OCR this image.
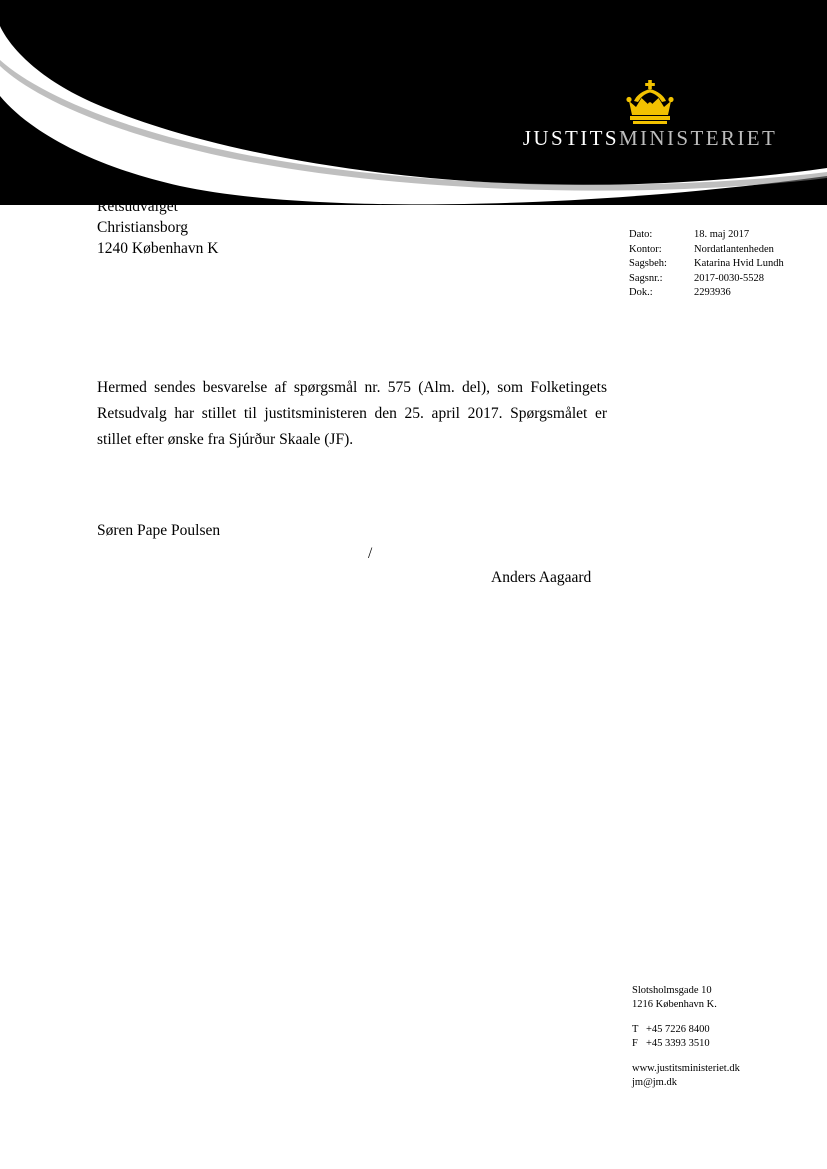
JUSTITSMINISTERIET
Civilafdelingen
Retsudvalget
Christiansborg
1240 København K
Dato:	18. maj 2017
Kontor:	Nordatlantenheden
Sagsbeh:	Katarina Hvid Lundh
Sagsnr.:	2017-0030-5528
Dok.:	2293936
Hermed sendes besvarelse af spørgsmål nr. 575 (Alm. del), som Folketingets Retsudvalg har stillet til justitsministeren den 25. april 2017. Spørgsmålet er stillet efter ønske fra Sjúrður Skaale (JF).
Søren Pape Poulsen
/
Anders Aagaard
Slotsholmsgade 10
1216 København K.
T +45 7226 8400
F +45 3393 3510
www.justitsministeriet.dk
jm@jm.dk
